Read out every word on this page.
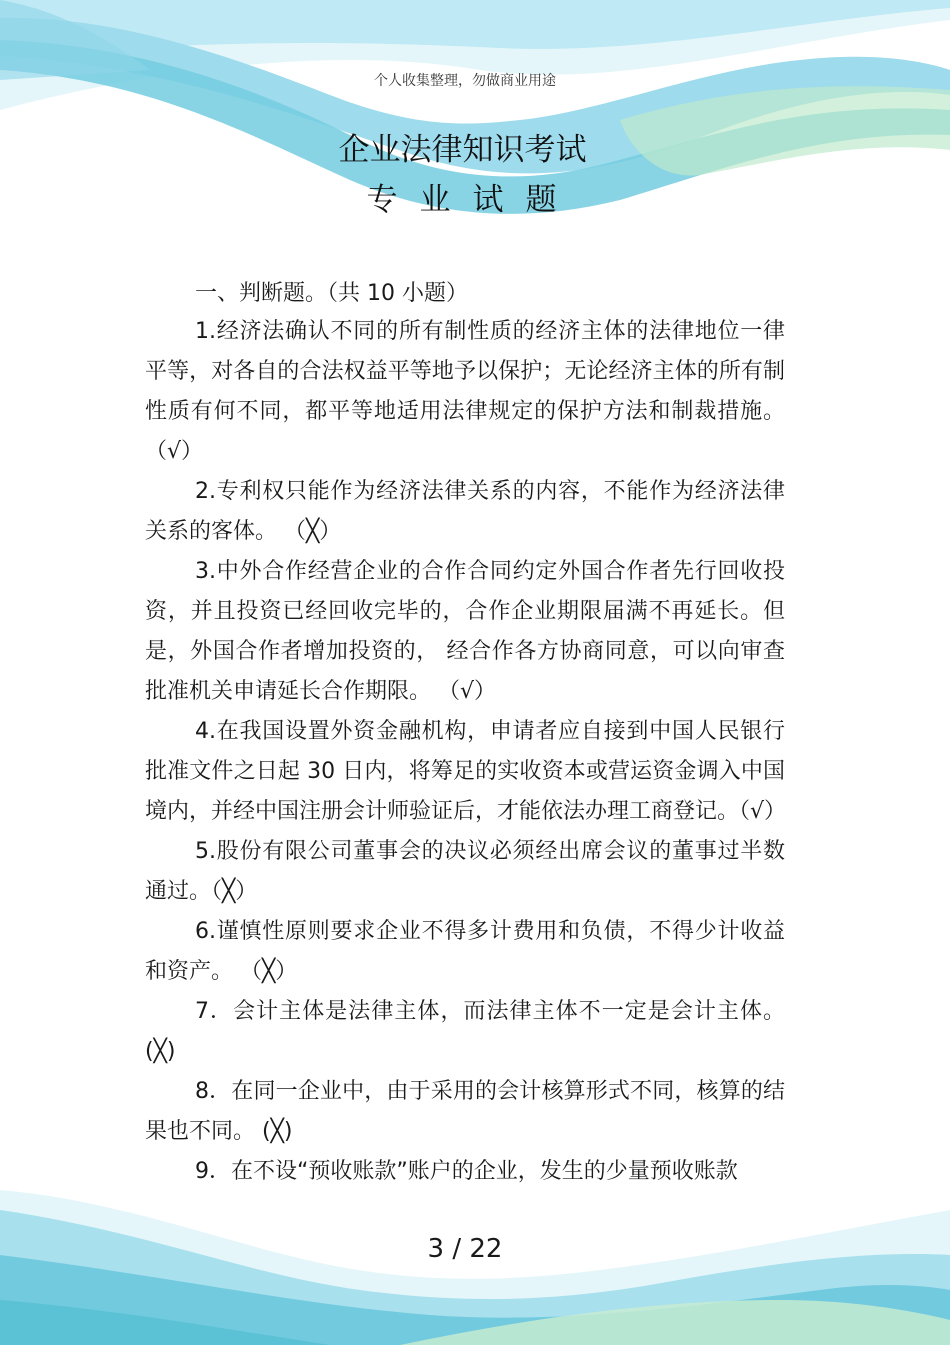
个人收集整理，勿做商业用途
企业法律知识考试
专业试题
一、判断题。（共 10 小题）

1.经济法确认不同的所有制性质的经济主体的法律地位一律平等，对各自的合法权益平等地予以保护；无论经济主体的所有制性质有何不同，都平等地适用法律规定的保护方法和制裁措施。 （√）

2.专利权只能作为经济法律关系的内容，不能作为经济法律关系的客体。 （╳）

3.中外合作经营企业的合作合同约定外国合作者先行回收投资，并且投资已经回收完毕的，合作企业期限届满不再延长。但是，外国合作者增加投资的， 经合作各方协商同意，可以向审查批准机关申请延长合作期限。 （√）

4.在我国设置外资金融机构，申请者应自接到中国人民银行批准文件之日起 30 日内，将筹足的实收资本或营运资金调入中国境内，并经中国注册会计师验证后，才能依法办理工商登记。（√）

5.股份有限公司董事会的决议必须经出席会议的董事过半数通过。（╳）

6.谨慎性原则要求企业不得多计费用和负债，不得少计收益和资产。 （╳）

7．会计主体是法律主体，而法律主体不一定是会计主体。(╳)

8．在同一企业中，由于采用的会计核算形式不同，核算的结果也不同。 (╳)

9．在不设“预收账款”账户的企业，发生的少量预收账款

3 / 22
